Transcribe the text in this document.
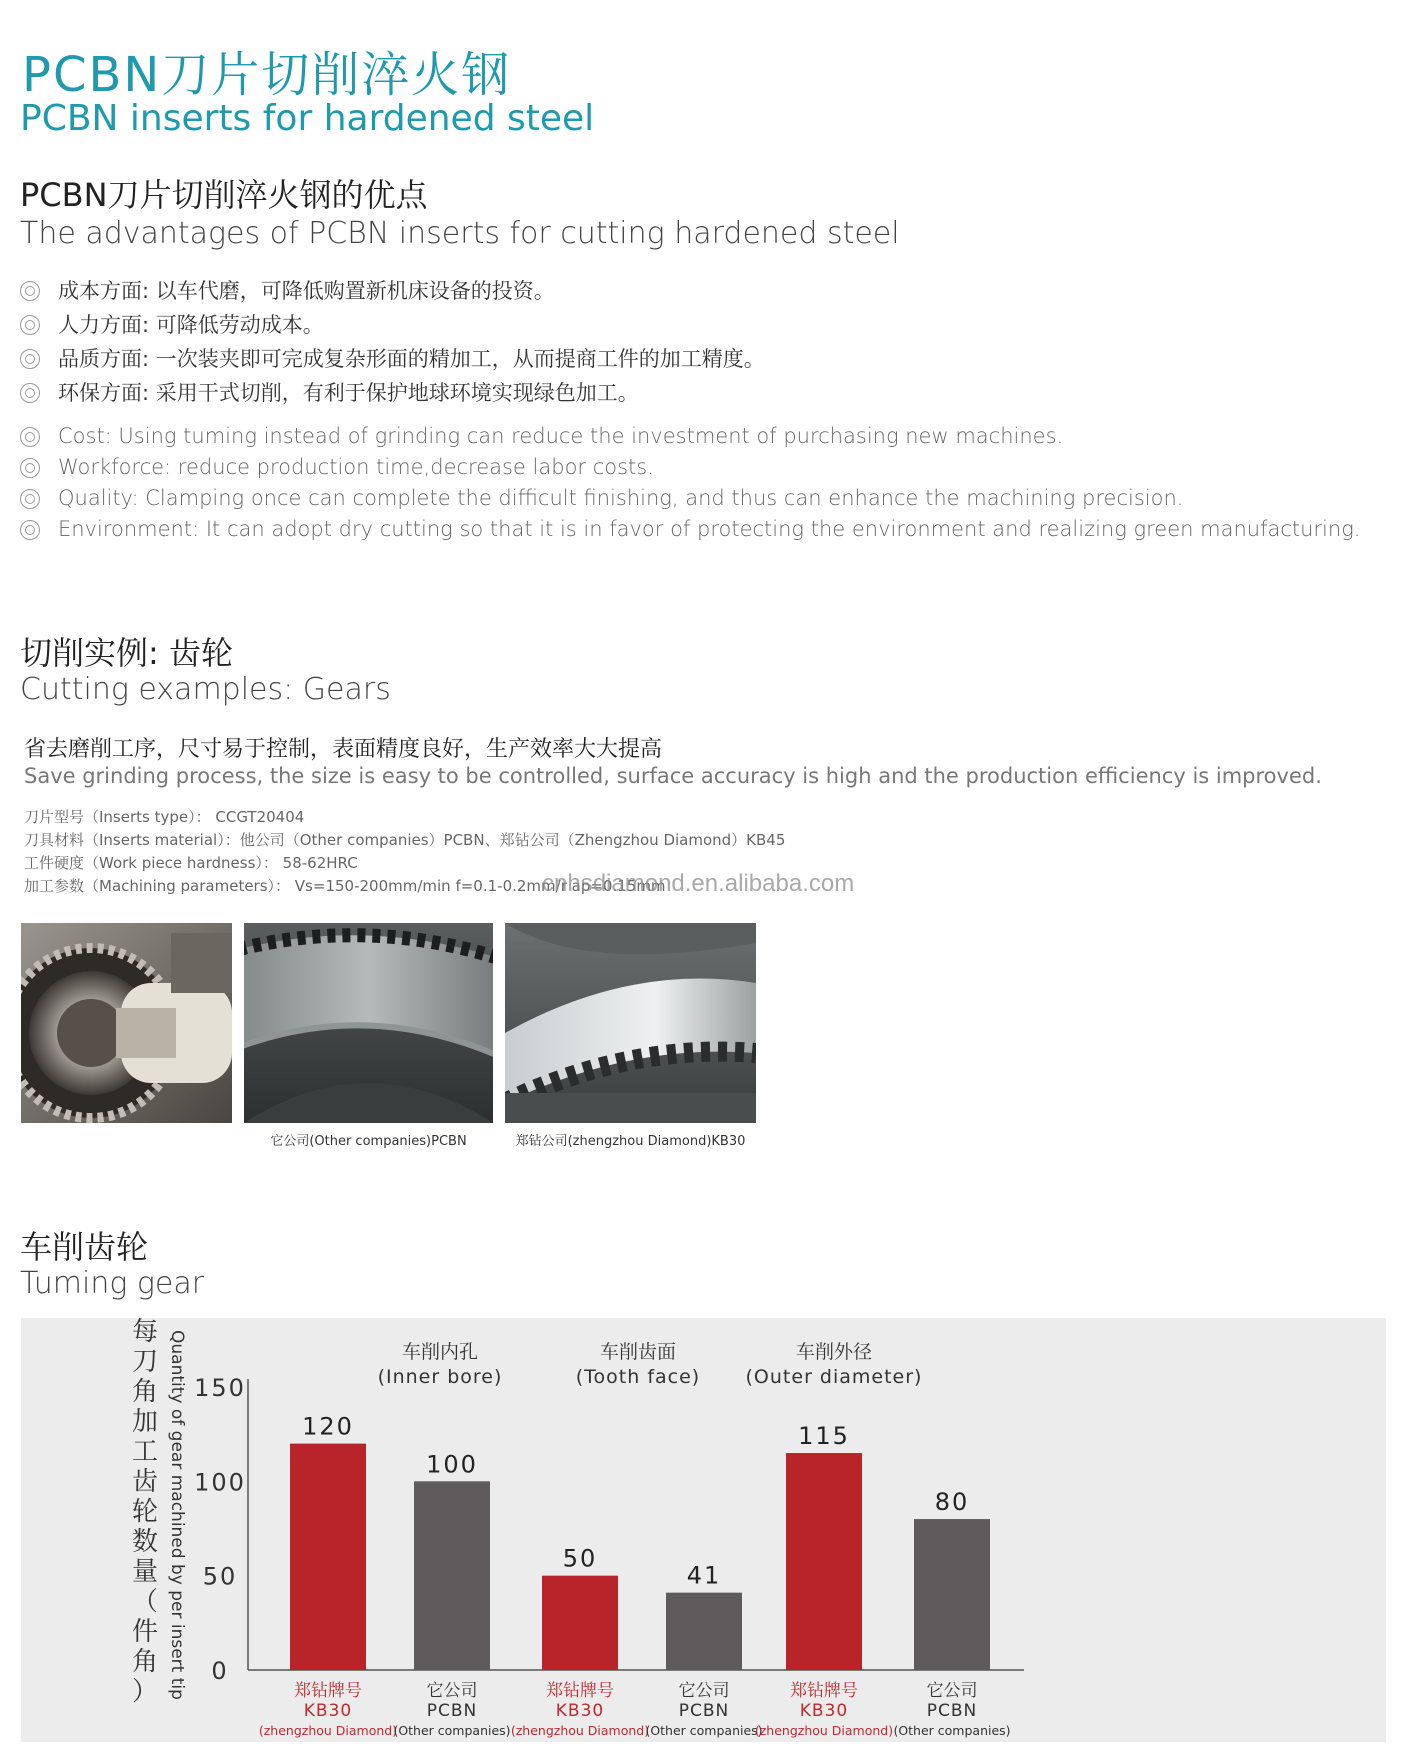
PCBN刀片切削淬火钢
PCBN inserts for hardened steel
PCBN刀片切削淬火钢的优点
The advantages of PCBN inserts for cutting hardened steel
成本方面: 以车代磨，可降低购置新机床设备的投资。
人力方面: 可降低劳动成本。
品质方面: 一次装夹即可完成复杂形面的精加工，从而提商工件的加工精度。
环保方面: 采用干式切削，有利于保护地球环境实现绿色加工。
Cost: Using tuming instead of grinding can reduce the investment of purchasing new machines.
Workforce: reduce production time,decrease labor costs.
Quality: Clamping once can complete the difficult finishing, and thus can enhance the machining precision.
Environment: It can adopt dry cutting so that it is in favor of protecting the environment and realizing green manufacturing.
切削实例: 齿轮
Cutting examples: Gears
省去磨削工序，尺寸易于控制，表面精度良好，生产效率大大提高
Save grinding process, the size is easy to be controlled, surface accuracy is high and the production efficiency is improved.
刀片型号（Inserts type）： CCGT20404
刀具材料（Inserts material）：他公司（Other companies）PCBN、郑钻公司（Zhengzhou Diamond）KB45
工件硬度（Work piece hardness）： 58-62HRC
加工参数（Machining parameters）： Vs=150-200mm/min f=0.1-0.2mm/r ap=0.15mm
cnhsdiamond.en.alibaba.com
它公司(Other companies)PCBN	郑钻公司(zhengzhou Diamond)KB30
车削齿轮
Tuming gear
150
100
50
0
每刀角加工齿轮数量（件角） Quantity of gear machined by per insert tip	车削内孔
(Inner bore)
车削齿面
(Tooth face)
车削外径
(Outer diameter)
120
郑钻牌号
KB30
(zhengzhou Diamond)
100
它公司
PCBN
(Other companies)
50
郑钻牌号
KB30
(zhengzhou Diamond)
41
它公司
PCBN
(Other companies)
115
郑钻牌号
KB30
(zhengzhou Diamond)
80
它公司
PCBN
(Other companies)
